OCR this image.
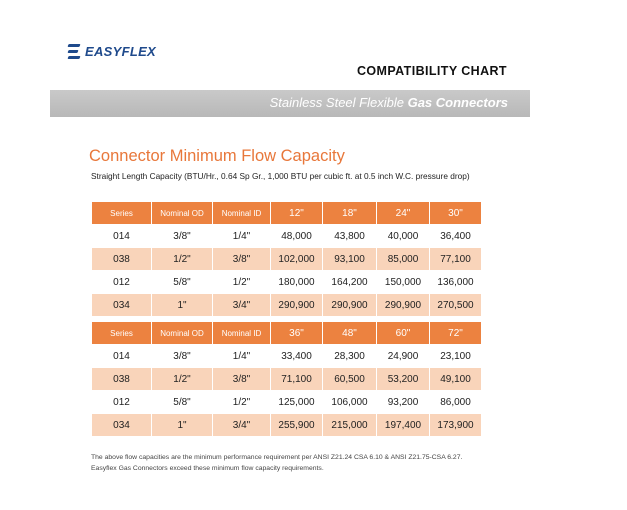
EASYFLEX
COMPATIBILITY CHART
Stainless Steel Flexible Gas Connectors
Connector Minimum Flow Capacity
Straight Length Capacity (BTU/Hr., 0.64 Sp Gr., 1,000 BTU per cubic ft. at 0.5 inch W.C. pressure drop)
Series	Nominal OD	Nominal ID	12"	18"	24"	30"
014	3/8"	1/4"	48,000	43,800	40,000	36,400
038	1/2"	3/8"	102,000	93,100	85,000	77,100
012	5/8"	1/2"	180,000	164,200	150,000	136,000
034	1"	3/4"	290,900	290,900	290,900	270,500
Series	Nominal OD	Nominal ID	36"	48"	60"	72"
014	3/8"	1/4"	33,400	28,300	24,900	23,100
038	1/2"	3/8"	71,100	60,500	53,200	49,100
012	5/8"	1/2"	125,000	106,000	93,200	86,000
034	1"	3/4"	255,900	215,000	197,400	173,900
The above flow capacities are the minimum performance requirement per ANSI Z21.24 CSA 6.10 & ANSI Z21.75-CSA 6.27.
Easyflex Gas Connectors exceed these minimum flow capacity requirements.
